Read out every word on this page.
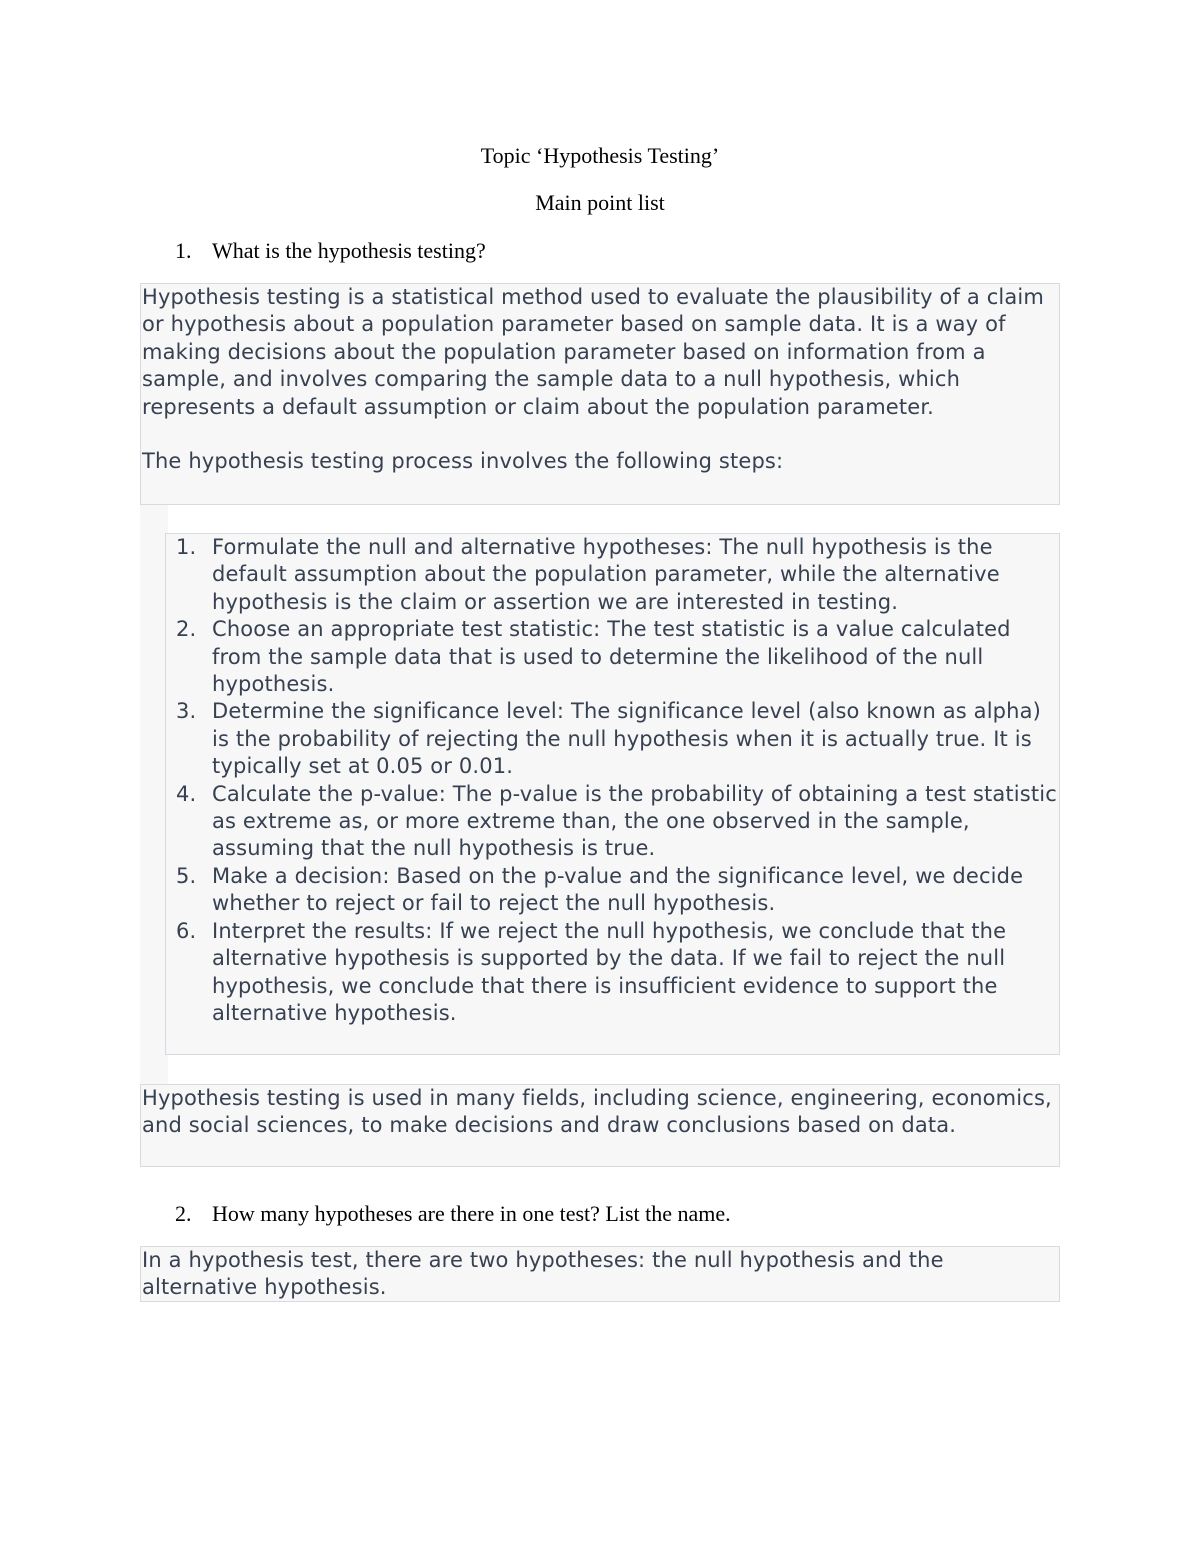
Topic ‘Hypothesis Testing’
Main point list
1. What is the hypothesis testing?

Hypothesis testing is a statistical method used to evaluate the plausibility of a claim or hypothesis about a population parameter based on sample data. It is a way of making decisions about the population parameter based on information from a sample, and involves comparing the sample data to a null hypothesis, which represents a default assumption or claim about the population parameter.

The hypothesis testing process involves the following steps:

1. Formulate the null and alternative hypotheses: The null hypothesis is the default assumption about the population parameter, while the alternative hypothesis is the claim or assertion we are interested in testing.
2. Choose an appropriate test statistic: The test statistic is a value calculated from the sample data that is used to determine the likelihood of the null hypothesis.
3. Determine the significance level: The significance level (also known as alpha) is the probability of rejecting the null hypothesis when it is actually true. It is typically set at 0.05 or 0.01.
4. Calculate the p-value: The p-value is the probability of obtaining a test statistic as extreme as, or more extreme than, the one observed in the sample, assuming that the null hypothesis is true.
5. Make a decision: Based on the p-value and the significance level, we decide whether to reject or fail to reject the null hypothesis.
6. Interpret the results: If we reject the null hypothesis, we conclude that the alternative hypothesis is supported by the data. If we fail to reject the null hypothesis, we conclude that there is insufficient evidence to support the alternative hypothesis.

Hypothesis testing is used in many fields, including science, engineering, economics, and social sciences, to make decisions and draw conclusions based on data.

2. How many hypotheses are there in one test? List the name.

In a hypothesis test, there are two hypotheses: the null hypothesis and the alternative hypothesis.
